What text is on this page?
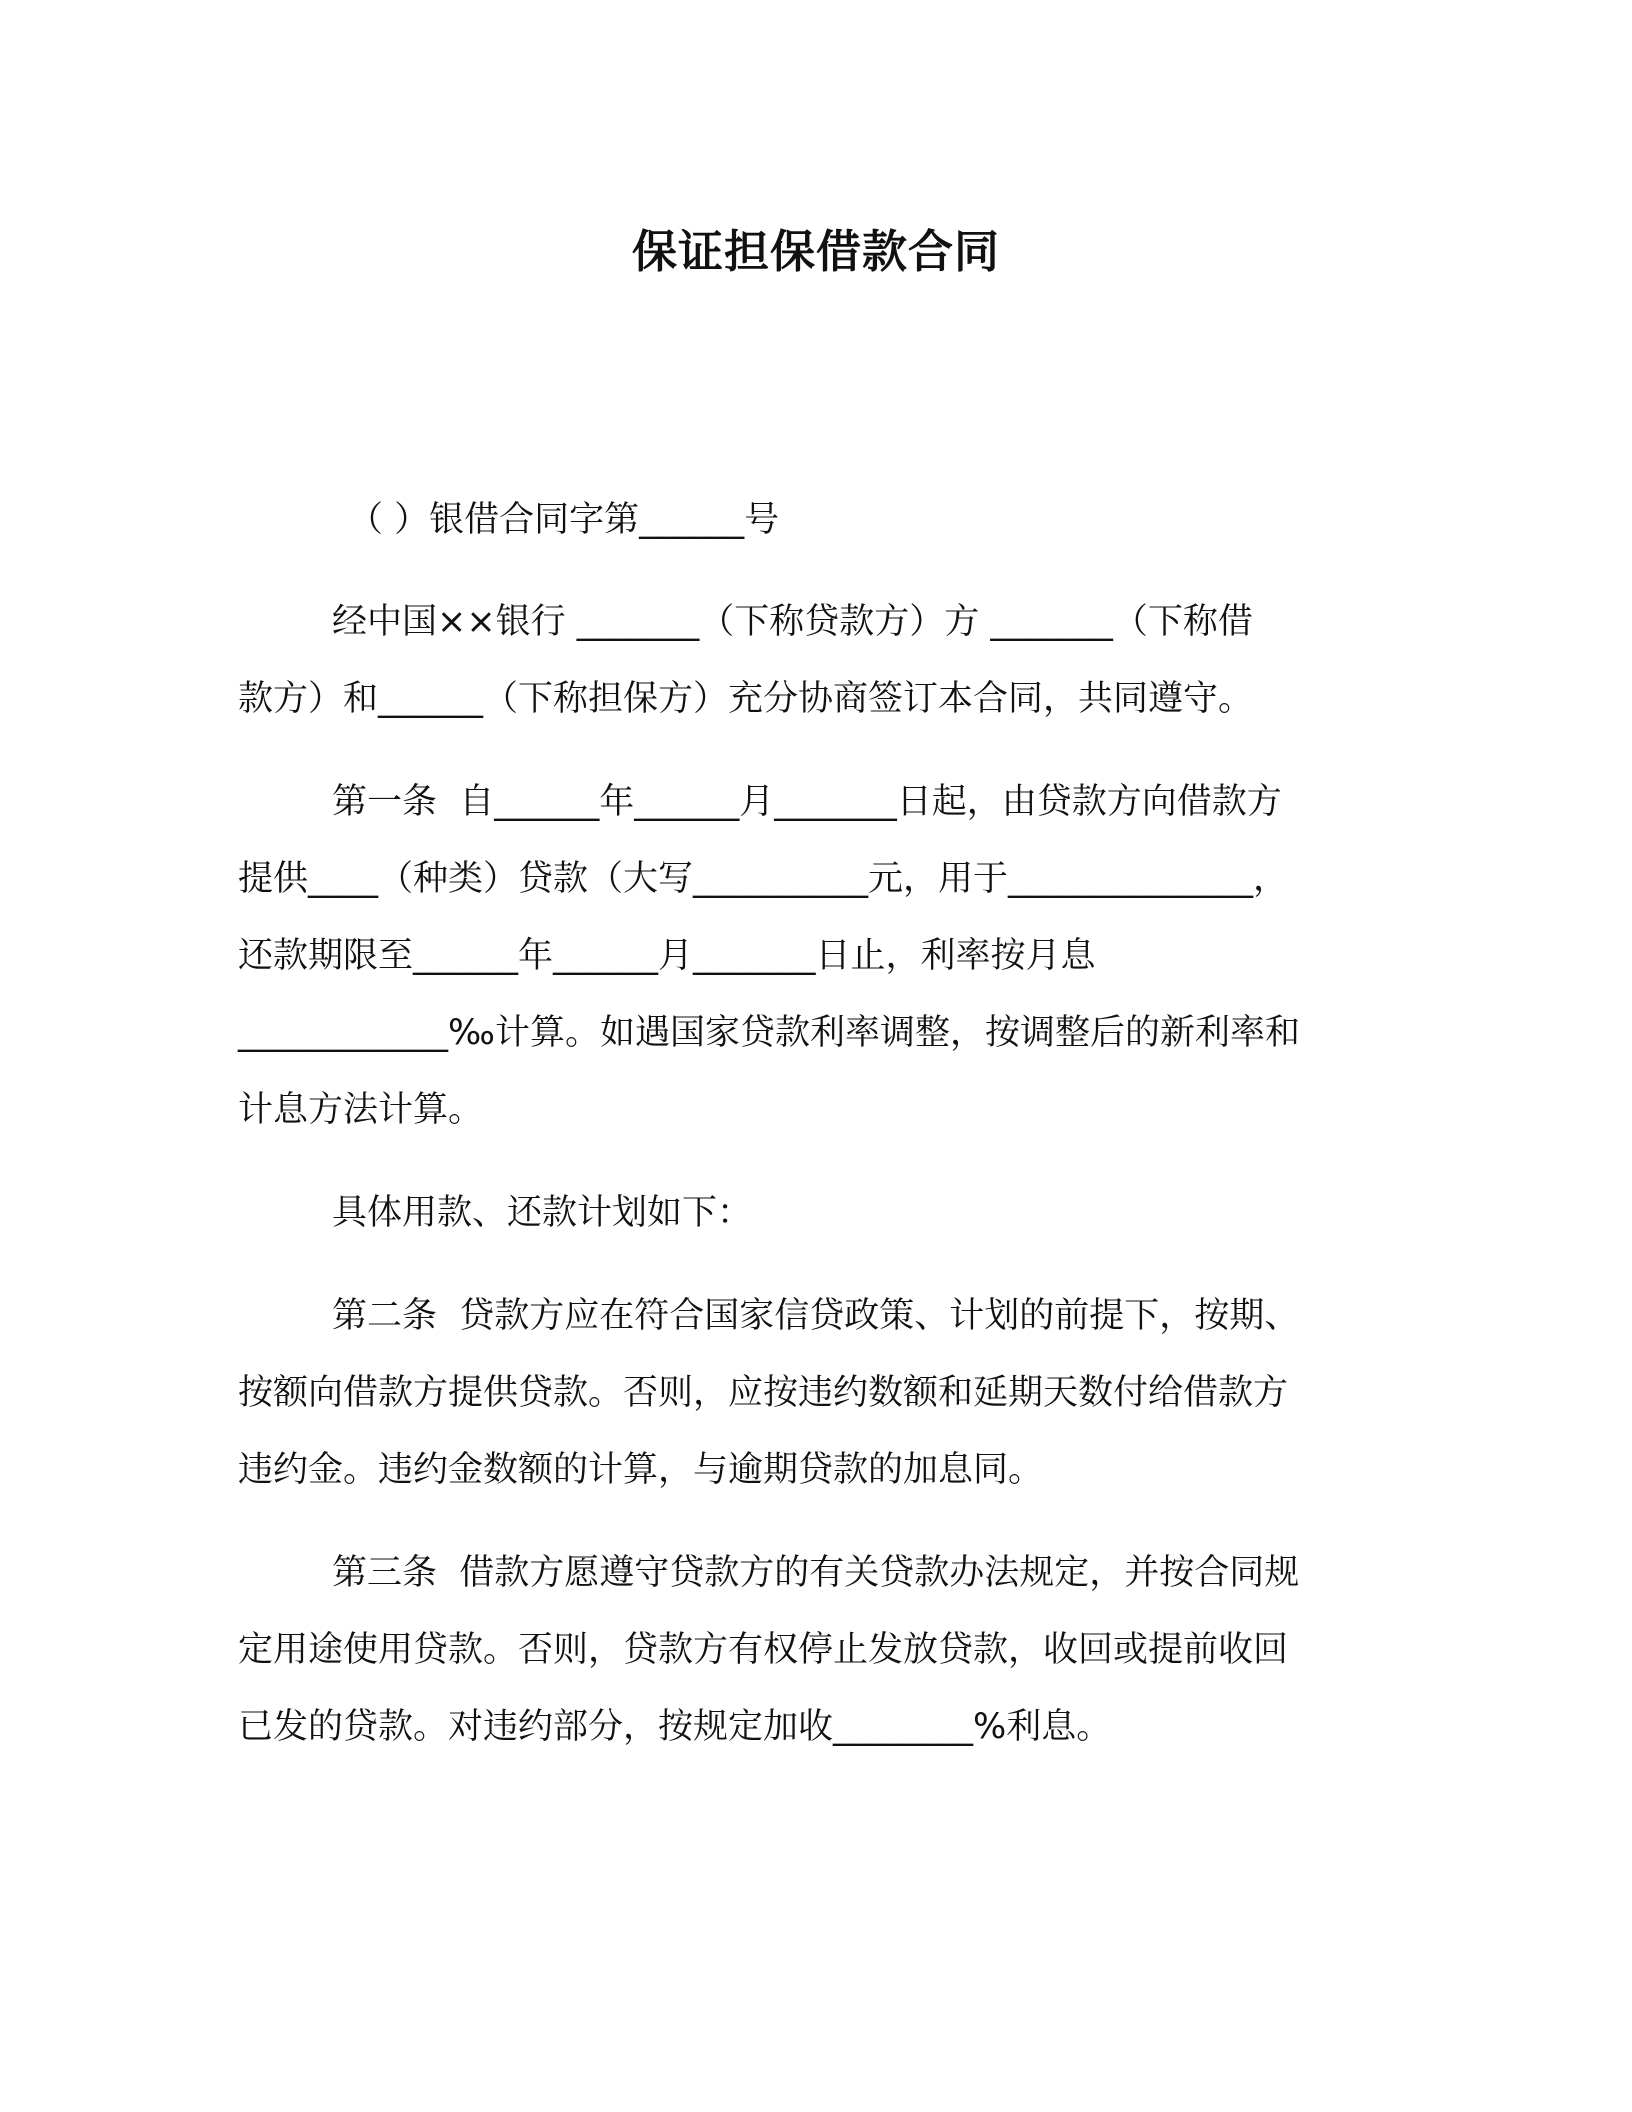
保证担保借款合同

（ ）银借合同字第______号

经中国××银行 _______（下称贷款方）方 _______（下称借

款方）和______（下称担保方）充分协商签订本合同，共同遵守。

第一条  自______年______月_______日起，由贷款方向借款方

提供____（种类）贷款（大写__________元，用于______________，

还款期限至______年______月_______日止，利率按月息

____________‰计算。如遇国家贷款利率调整，按调整后的新利率和

计息方法计算。

具体用款、还款计划如下：

第二条  贷款方应在符合国家信贷政策、计划的前提下，按期、

按额向借款方提供贷款。否则，应按违约数额和延期天数付给借款方

违约金。违约金数额的计算，与逾期贷款的加息同。

第三条  借款方愿遵守贷款方的有关贷款办法规定，并按合同规

定用途使用贷款。否则，贷款方有权停止发放贷款，收回或提前收回

已发的贷款。对违约部分，按规定加收________%利息。
